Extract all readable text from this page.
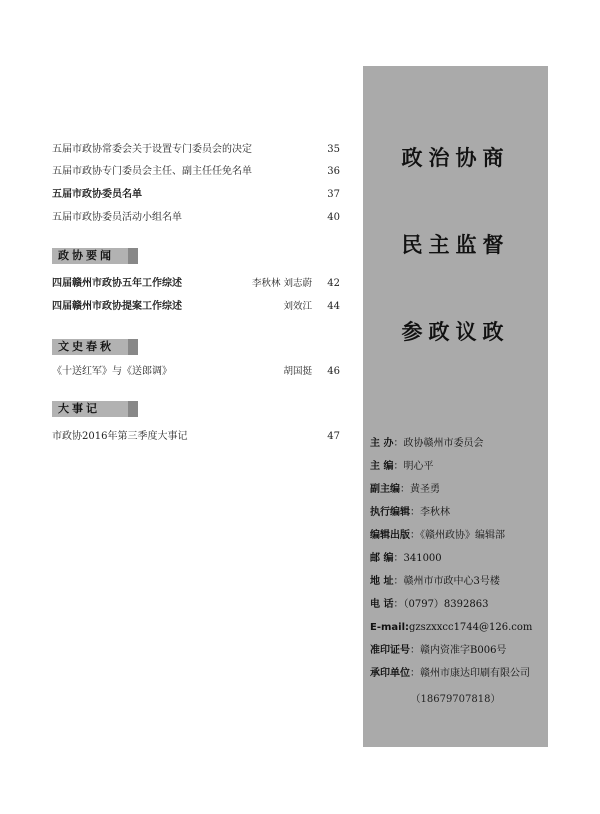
五届市政协常委会关于设置专门委员会的决定	35
五届市政协专门委员会主任、副主任任免名单	36
五届市政协委员名单	37
五届市政协委员活动小组名单	40
政协要闻
四届赣州市政协五年工作综述	李秋林 刘志蔚 42
四届赣州市政协提案工作综述	刘效江 44
文史春秋
《十送红军》与《送郎调》	胡国挺 46
大事记
市政协2016年第三季度大事记	47
政治协商
民主监督
参政议政
主 办：政协赣州市委员会
主 编：明心平
副主编：黄圣勇
执行编辑：李秋林
编辑出版：《赣州政协》编辑部
邮 编：341000
地 址：赣州市市政中心3号楼
电 话：（0797）8392863
E-mail:gzszxxcc1744@126.com
准印证号：赣内资准字B006号
承印单位：赣州市康达印刷有限公司
（18679707818）
